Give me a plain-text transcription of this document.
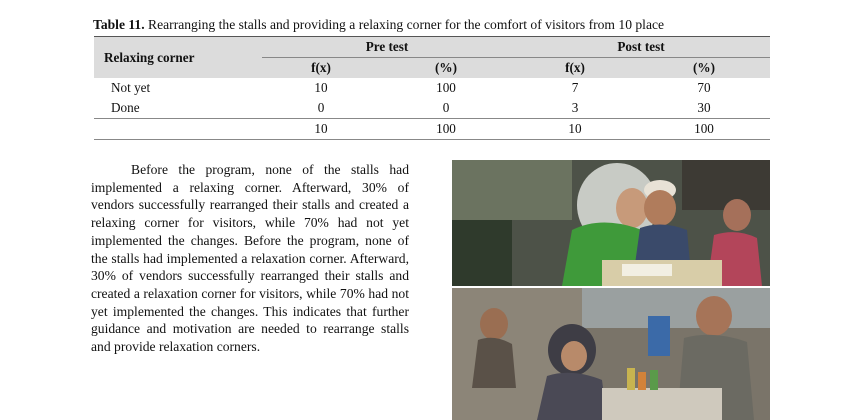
Table 11. Rearranging the stalls and providing a relaxing corner for the comfort of visitors from 10 place
Relaxing corner	Pre test		Post test	
	f(x)	(%)	f(x)	(%)
Not yet	10	100	7	70
Done	0	0	3	30
	10	100	10	100
Before the program, none of the stalls had implemented a relaxing corner. Afterward, 30% of vendors successfully rearranged their stalls and created a relaxing corner for visitors, while 70% had not yet implemented the changes. Before the program, none of the stalls had implemented a relaxation corner. Afterward, 30% of vendors successfully rearranged their stalls and created a relaxation corner for visitors, while 70% had not yet implemented the changes. This indicates that further guidance and motivation are needed to rearrange stalls and provide relaxation corners.
